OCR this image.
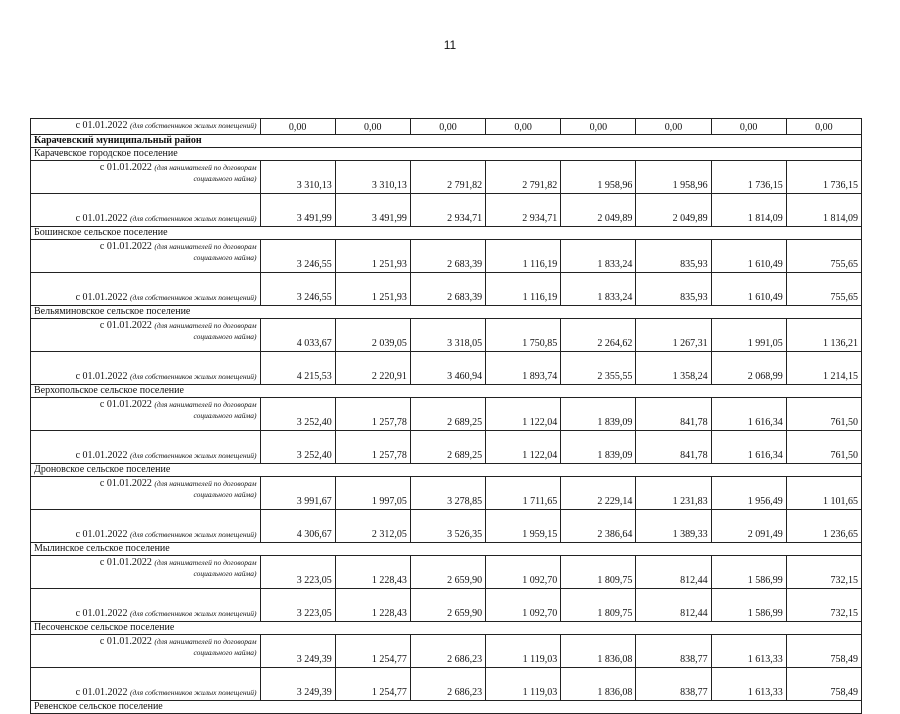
11
с 01.01.2022 (для собственников жилых помещений)	0,00	0,00	0,00	0,00	0,00	0,00	0,00	0,00
Карачевский муниципальный район								
Карачевское городское поселение								
с 01.01.2022 (для нанимателей по договорам
социального найма)	3 310,13	3 310,13	2 791,82	2 791,82	1 958,96	1 958,96	1 736,15	1 736,15
с 01.01.2022 (для собственников жилых помещений)	3 491,99	3 491,99	2 934,71	2 934,71	2 049,89	2 049,89	1 814,09	1 814,09
Бошинское сельское поселение								
с 01.01.2022 (для нанимателей по договорам
социального найма)	3 246,55	1 251,93	2 683,39	1 116,19	1 833,24	835,93	1 610,49	755,65
с 01.01.2022 (для собственников жилых помещений)	3 246,55	1 251,93	2 683,39	1 116,19	1 833,24	835,93	1 610,49	755,65
Вельяминовское сельское поселение								
с 01.01.2022 (для нанимателей по договорам
социального найма)	4 033,67	2 039,05	3 318,05	1 750,85	2 264,62	1 267,31	1 991,05	1 136,21
с 01.01.2022 (для собственников жилых помещений)	4 215,53	2 220,91	3 460,94	1 893,74	2 355,55	1 358,24	2 068,99	1 214,15
Верхопольское сельское поселение								
с 01.01.2022 (для нанимателей по договорам
социального найма)	3 252,40	1 257,78	2 689,25	1 122,04	1 839,09	841,78	1 616,34	761,50
с 01.01.2022 (для собственников жилых помещений)	3 252,40	1 257,78	2 689,25	1 122,04	1 839,09	841,78	1 616,34	761,50
Дроновское сельское поселение								
с 01.01.2022 (для нанимателей по договорам
социального найма)	3 991,67	1 997,05	3 278,85	1 711,65	2 229,14	1 231,83	1 956,49	1 101,65
с 01.01.2022 (для собственников жилых помещений)	4 306,67	2 312,05	3 526,35	1 959,15	2 386,64	1 389,33	2 091,49	1 236,65
Мылинское сельское поселение								
с 01.01.2022 (для нанимателей по договорам
социального найма)	3 223,05	1 228,43	2 659,90	1 092,70	1 809,75	812,44	1 586,99	732,15
с 01.01.2022 (для собственников жилых помещений)	3 223,05	1 228,43	2 659,90	1 092,70	1 809,75	812,44	1 586,99	732,15
Песоченское сельское поселение								
с 01.01.2022 (для нанимателей по договорам
социального найма)	3 249,39	1 254,77	2 686,23	1 119,03	1 836,08	838,77	1 613,33	758,49
с 01.01.2022 (для собственников жилых помещений)	3 249,39	1 254,77	2 686,23	1 119,03	1 836,08	838,77	1 613,33	758,49
Ревенское сельское поселение								
